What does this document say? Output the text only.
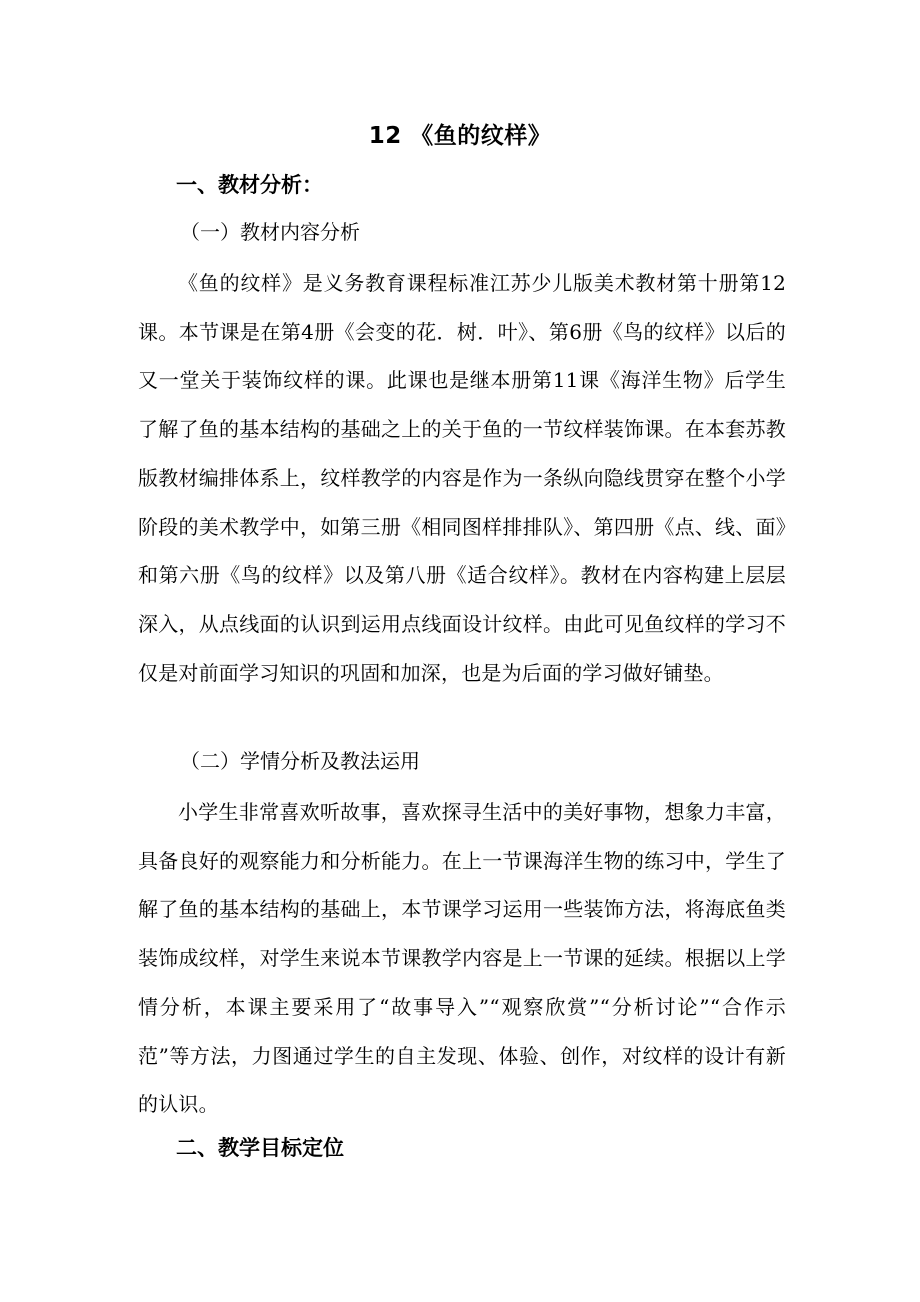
12 《鱼的纹样》
一、教材分析：
（一）教材内容分析

《鱼的纹样》是义务教育课程标准江苏少儿版美术教材第十册第12课。本节课是在第4册《会变的花．树．叶》、第6册《鸟的纹样》以后的又一堂关于装饰纹样的课。此课也是继本册第11课《海洋生物》后学生了解了鱼的基本结构的基础之上的关于鱼的一节纹样装饰课。在本套苏教版教材编排体系上，纹样教学的内容是作为一条纵向隐线贯穿在整个小学阶段的美术教学中，如第三册《相同图样排排队》、第四册《点、线、面》和第六册《鸟的纹样》以及第八册《适合纹样》。教材在内容构建上层层深入，从点线面的认识到运用点线面设计纹样。由此可见鱼纹样的学习不仅是对前面学习知识的巩固和加深，也是为后面的学习做好铺垫。

（二）学情分析及教法运用

小学生非常喜欢听故事，喜欢探寻生活中的美好事物，想象力丰富，具备良好的观察能力和分析能力。在上一节课海洋生物的练习中，学生了解了鱼的基本结构的基础上，本节课学习运用一些装饰方法，将海底鱼类装饰成纹样，对学生来说本节课教学内容是上一节课的延续。根据以上学情分析，本课主要采用了“故事导入”“观察欣赏”“分析讨论”“合作示范”等方法，力图通过学生的自主发现、体验、创作，对纹样的设计有新的认识。

二、教学目标定位
